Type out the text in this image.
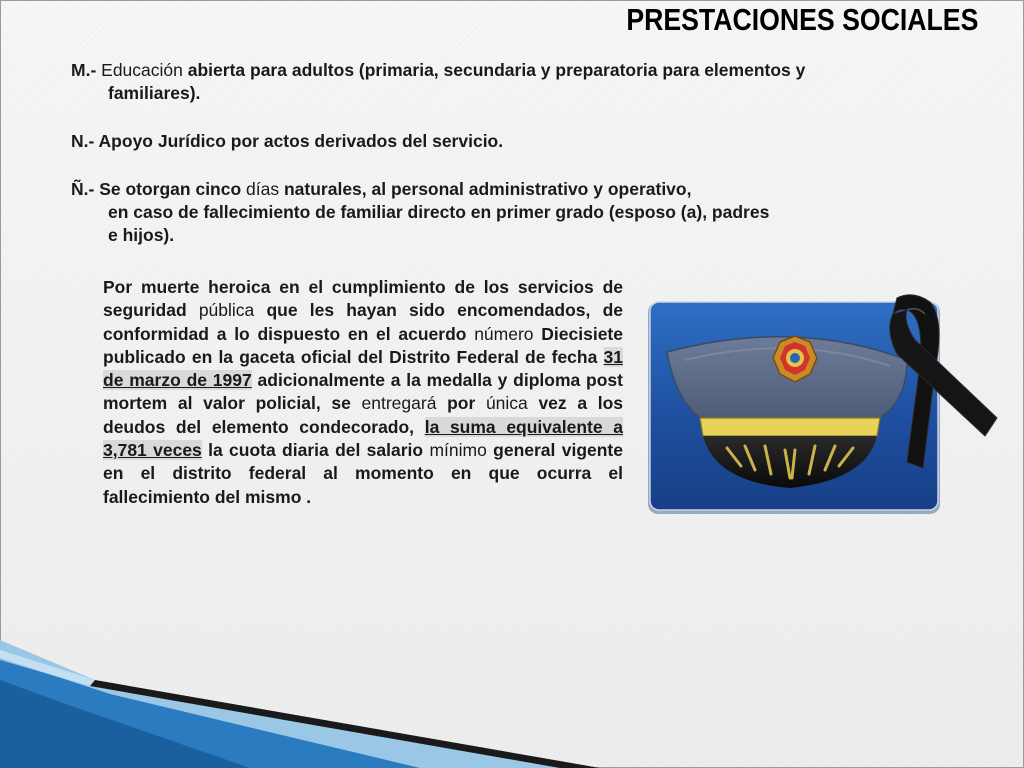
PRESTACIONES SOCIALES
M.- Educación abierta para adultos (primaria, secundaria y preparatoria para elementos y
familiares).
N.- Apoyo Jurídico por actos derivados del servicio.
Ñ.- Se otorgan cinco días naturales, al personal administrativo y operativo,
en caso de fallecimiento de familiar directo en primer grado (esposo (a), padres
e hijos).
Por muerte heroica en el cumplimiento de los servicios de seguridad pública que les hayan sido encomendados, de conformidad a lo dispuesto en el acuerdo número Diecisiete publicado en la gaceta oficial del Distrito Federal de fecha 31 de marzo de 1997 adicionalmente a la medalla y diploma post mortem al valor policial, se entregará por única vez a los deudos del elemento condecorado, la suma equivalente a 3,781 veces la cuota diaria del salario mínimo general vigente en el distrito federal al momento en que ocurra el fallecimiento del mismo .
